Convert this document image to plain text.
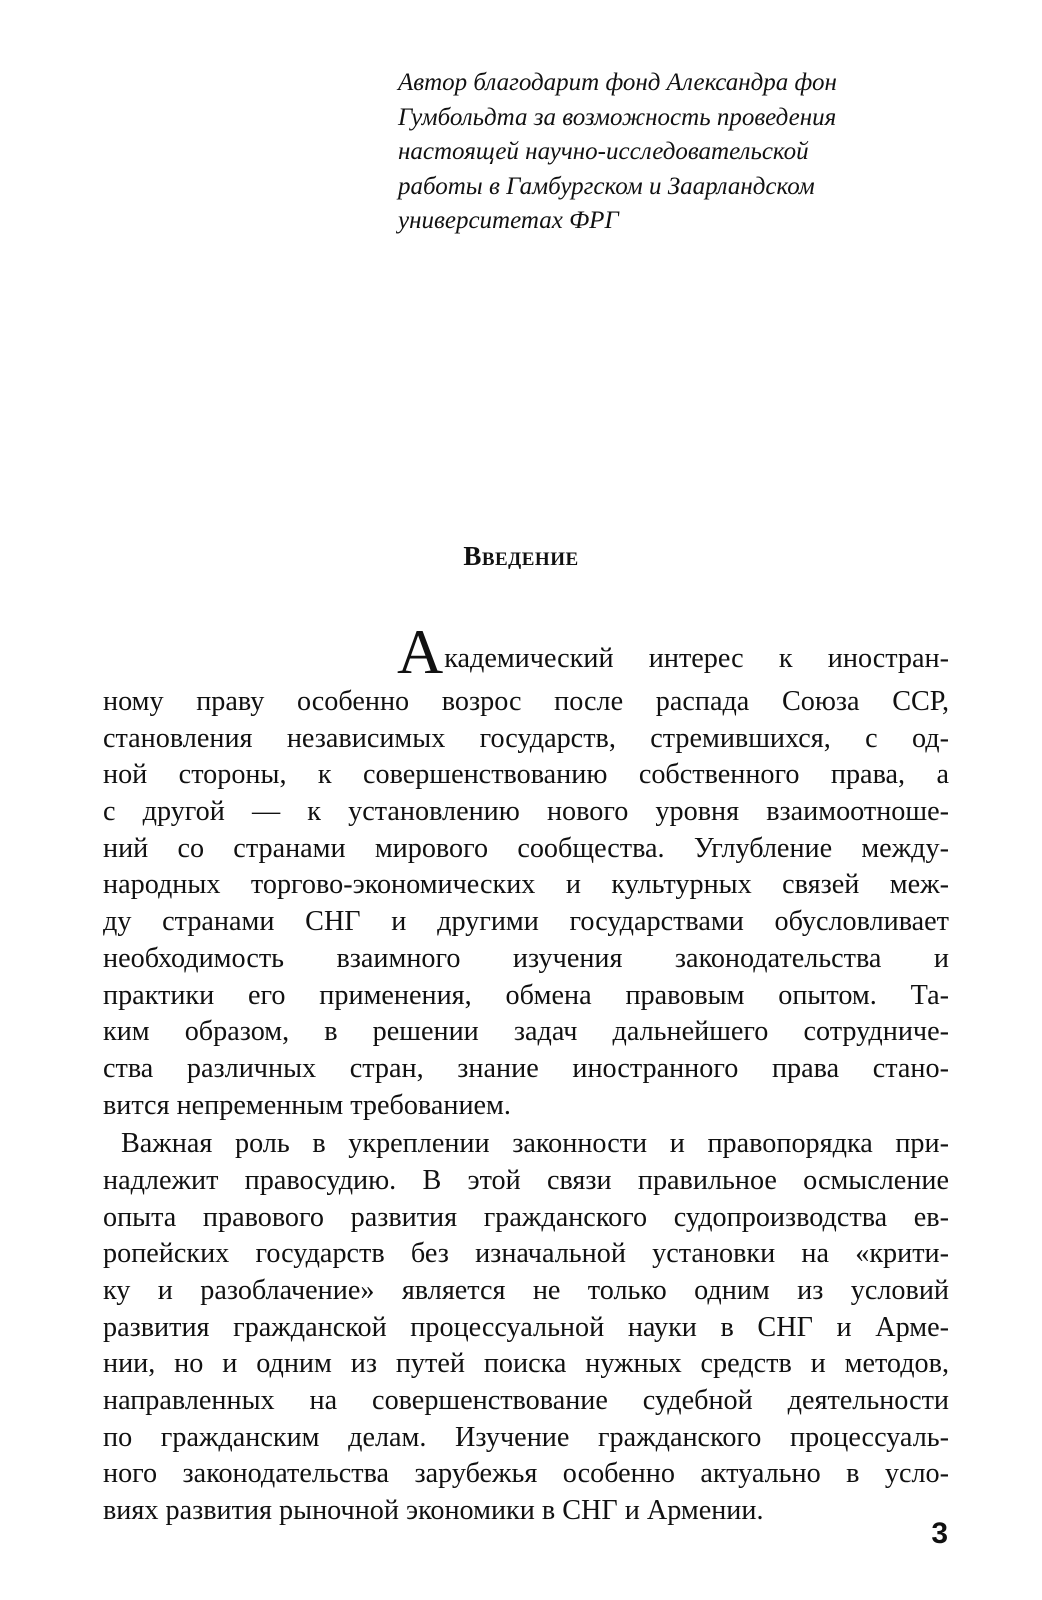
Автор благодарит фонд Александра фон
Гумбольдта за возможность проведения
настоящей научно-исследовательской
работы в Гамбургском и Заарландском
университетах ФРГ
Введение
Академический интерес к иностран-
ному праву особенно возрос после распада Союза ССР,
становления независимых государств, стремившихся, с од-
ной стороны, к совершенствованию собственного права, а
с другой — к установлению нового уровня взаимоотноше-
ний со странами мирового сообщества. Углубление между-
народных торгово-экономических и культурных связей меж-
ду странами СНГ и другими государствами обусловливает
необходимость взаимного изучения законодательства и
практики его применения, обмена правовым опытом. Та-
ким образом, в решении задач дальнейшего сотрудниче-
ства различных стран, знание иностранного права стано-
вится непременным требованием.
Важная роль в укреплении законности и правопорядка при-
надлежит правосудию. В этой связи правильное осмысление
опыта правового развития гражданского судопроизводства ев-
ропейских государств без изначальной установки на «крити-
ку и разоблачение» является не только одним из условий
развития гражданской процессуальной науки в СНГ и Арме-
нии, но и одним из путей поиска нужных средств и методов,
направленных на совершенствование судебной деятельности
по гражданским делам. Изучение гражданского процессуаль-
ного законодательства зарубежья особенно актуально в усло-
виях развития рыночной экономики в СНГ и Армении.
3
